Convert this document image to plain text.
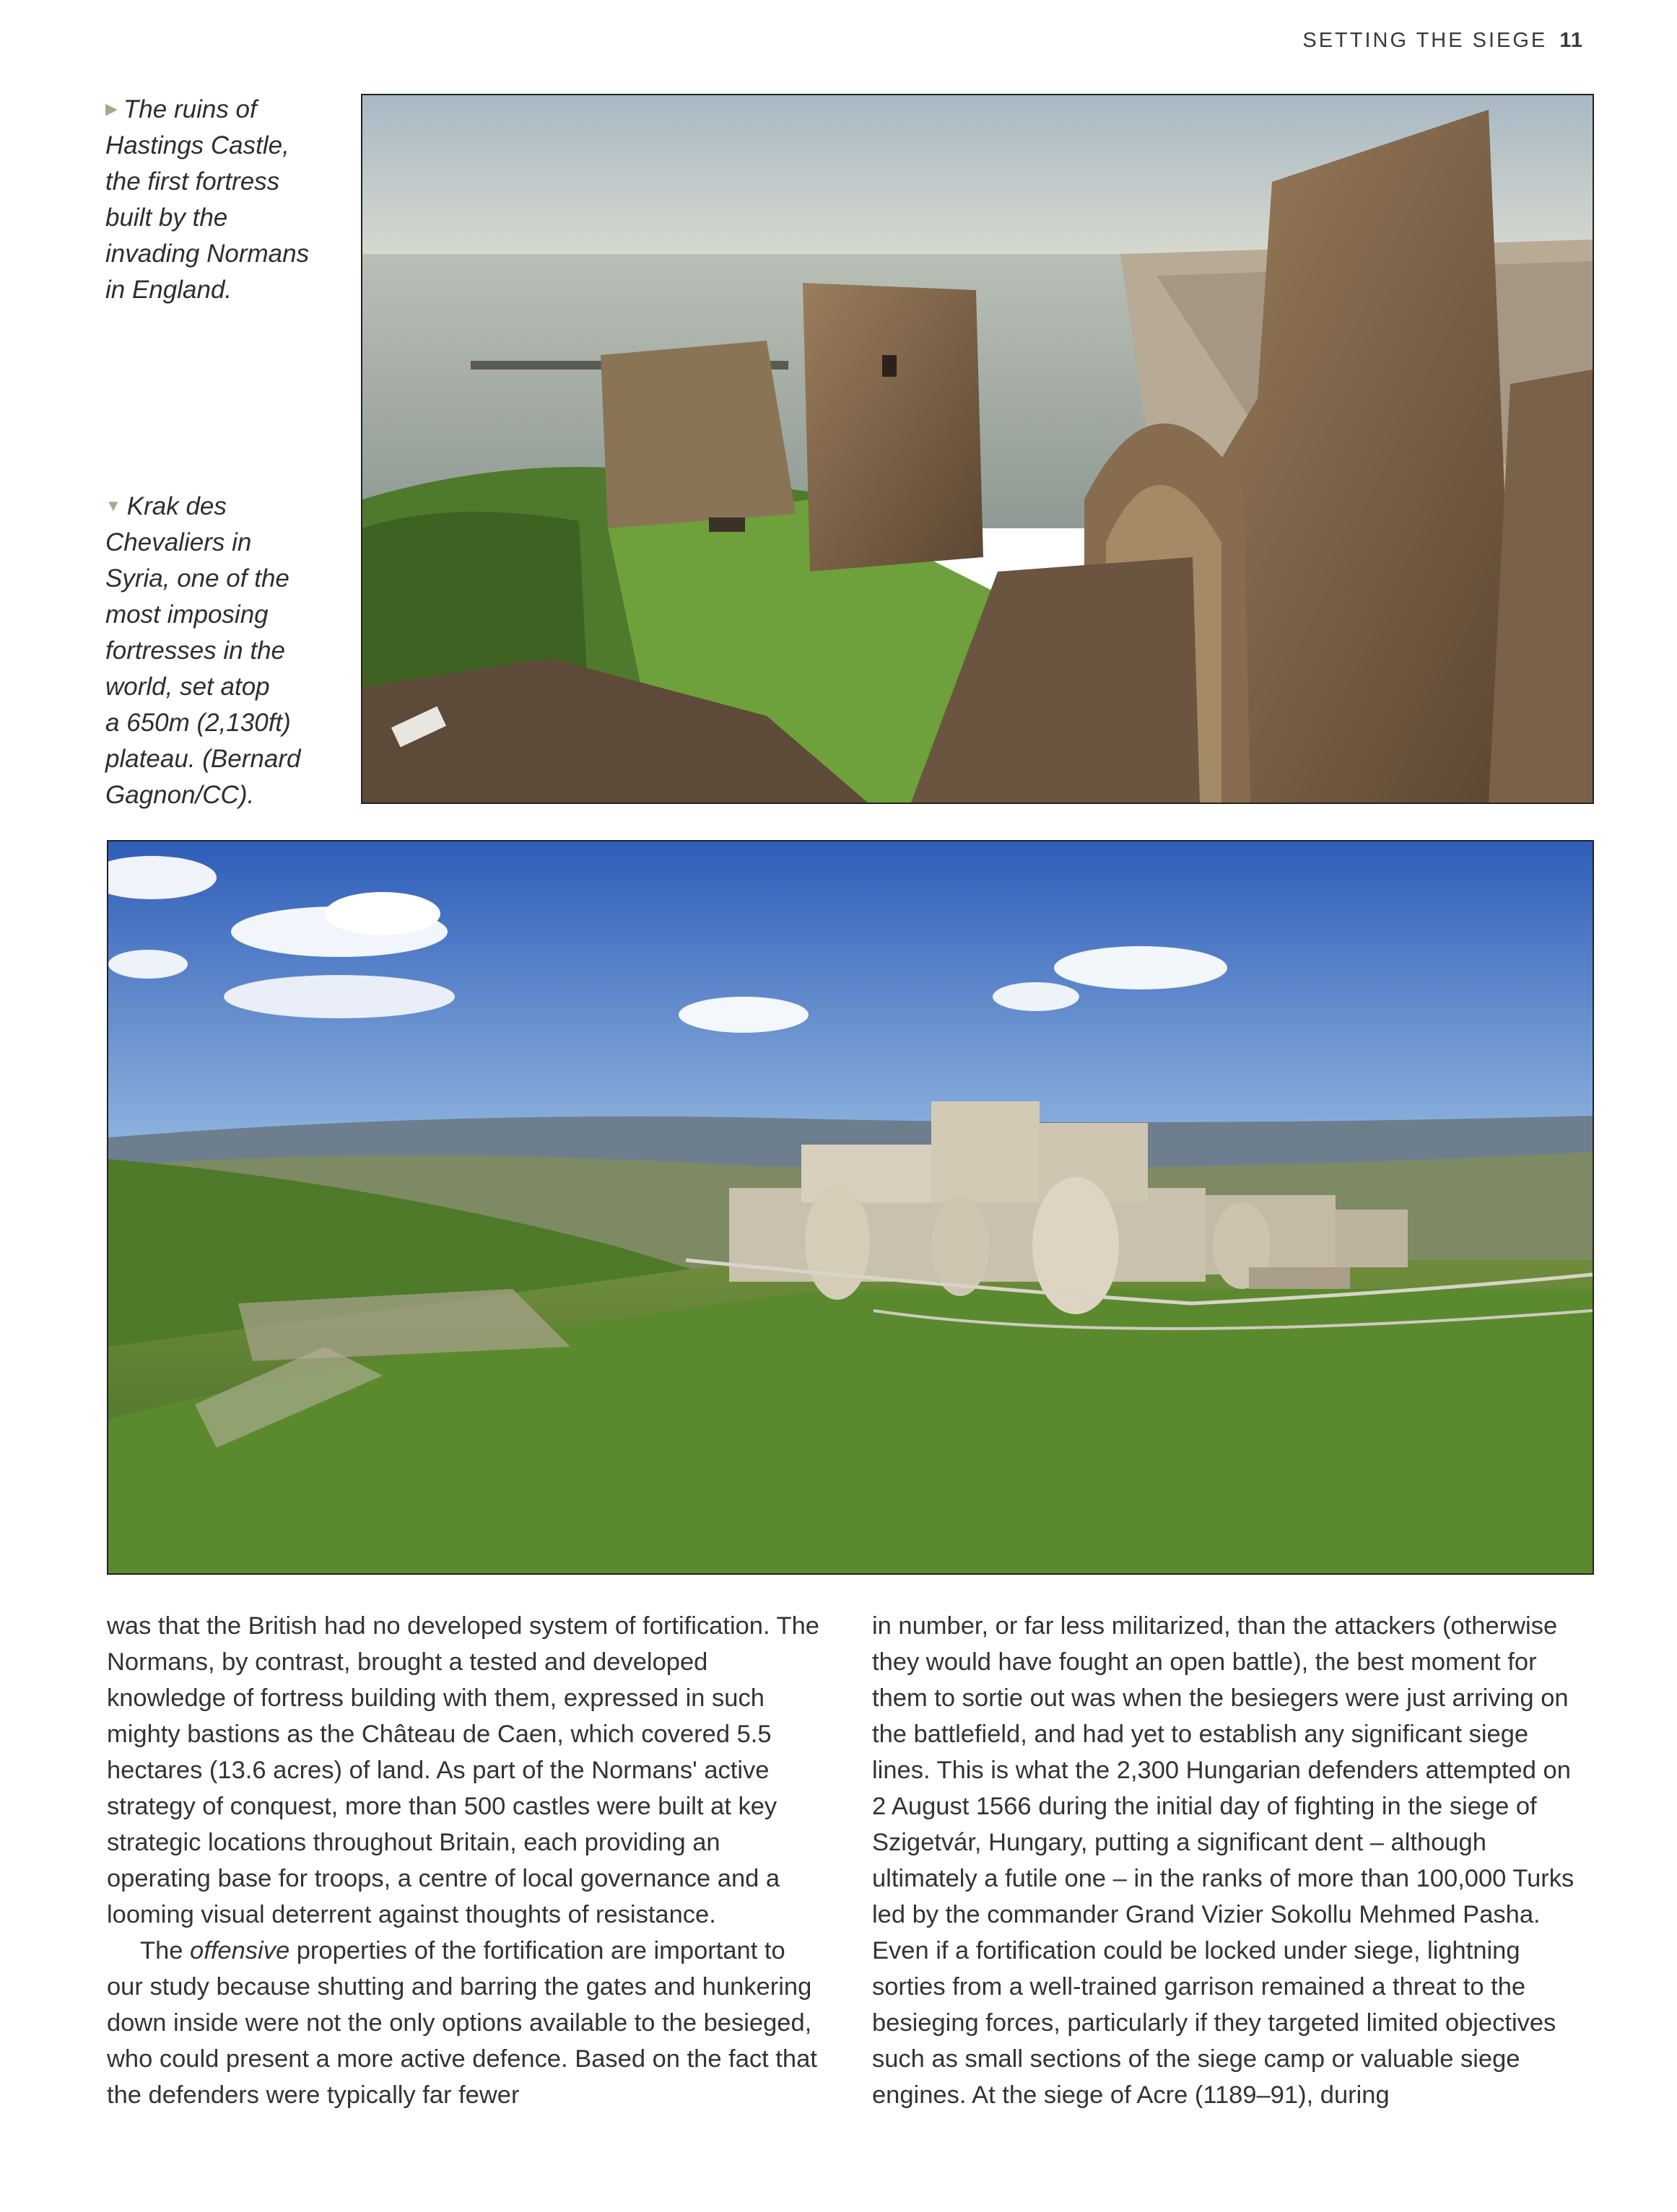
SETTING THE SIEGE 11
▶ The ruins of
Hastings Castle,
the first fortress
built by the
invading Normans
in England.
▼ Krak des
Chevaliers in
Syria, one of the
most imposing
fortresses in the
world, set atop
a 650m (2,130ft)
plateau. (Bernard
Gagnon/CC).

was that the British had no developed system of fortification. The Normans, by contrast, brought a tested and developed knowledge of fortress building with them, expressed in such mighty bastions as the Château de Caen, which covered 5.5 hectares (13.6 acres) of land. As part of the Normans' active strategy of conquest, more than 500 castles were built at key strategic locations throughout Britain, each providing an operating base for troops, a centre of local governance and a looming visual deterrent against thoughts of resistance.

The offensive properties of the fortification are important to our study because shutting and barring the gates and hunkering down inside were not the only options available to the besieged, who could present a more active defence. Based on the fact that the defenders were typically far fewer

in number, or far less militarized, than the attackers (otherwise they would have fought an open battle), the best moment for them to sortie out was when the besiegers were just arriving on the battlefield, and had yet to establish any significant siege lines. This is what the 2,300 Hungarian defenders attempted on 2 August 1566 during the initial day of fighting in the siege of Szigetvár, Hungary, putting a significant dent – although ultimately a futile one – in the ranks of more than 100,000 Turks led by the commander Grand Vizier Sokollu Mehmed Pasha. Even if a fortification could be locked under siege, lightning sorties from a well-trained garrison remained a threat to the besieging forces, particularly if they targeted limited objectives such as small sections of the siege camp or valuable siege engines. At the siege of Acre (1189–91), during
